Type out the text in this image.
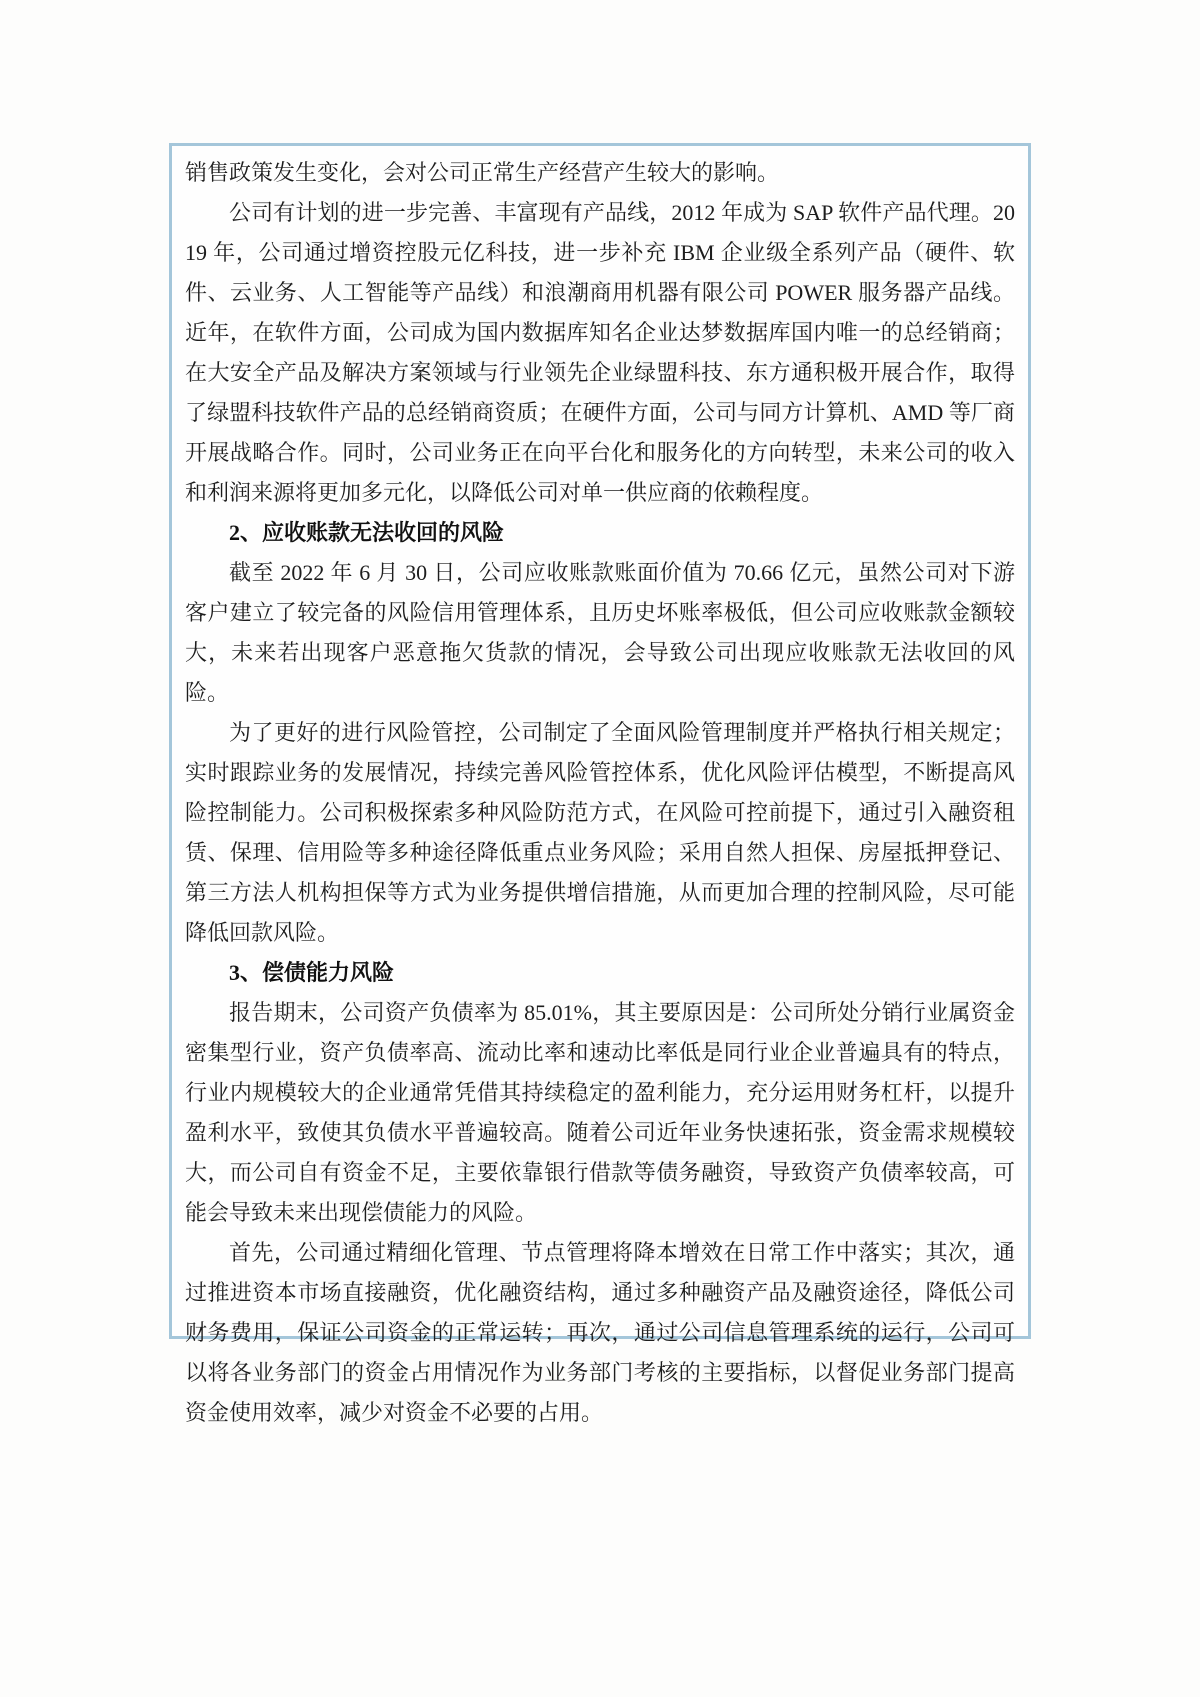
销售政策发生变化，会对公司正常生产经营产生较大的影响。

公司有计划的进一步完善、丰富现有产品线，2012 年成为 SAP 软件产品代理。2019 年，公司通过增资控股元亿科技，进一步补充 IBM 企业级全系列产品（硬件、软件、云业务、人工智能等产品线）和浪潮商用机器有限公司 POWER 服务器产品线。近年，在软件方面，公司成为国内数据库知名企业达梦数据库国内唯一的总经销商；在大安全产品及解决方案领域与行业领先企业绿盟科技、东方通积极开展合作，取得了绿盟科技软件产品的总经销商资质；在硬件方面，公司与同方计算机、AMD 等厂商开展战略合作。同时，公司业务正在向平台化和服务化的方向转型，未来公司的收入和利润来源将更加多元化，以降低公司对单一供应商的依赖程度。

2、应收账款无法收回的风险

截至 2022 年 6 月 30 日，公司应收账款账面价值为 70.66 亿元，虽然公司对下游客户建立了较完备的风险信用管理体系，且历史坏账率极低，但公司应收账款金额较大，未来若出现客户恶意拖欠货款的情况，会导致公司出现应收账款无法收回的风险。

为了更好的进行风险管控，公司制定了全面风险管理制度并严格执行相关规定；实时跟踪业务的发展情况，持续完善风险管控体系，优化风险评估模型，不断提高风险控制能力。公司积极探索多种风险防范方式，在风险可控前提下，通过引入融资租赁、保理、信用险等多种途径降低重点业务风险；采用自然人担保、房屋抵押登记、第三方法人机构担保等方式为业务提供增信措施，从而更加合理的控制风险，尽可能降低回款风险。

3、偿债能力风险

报告期末，公司资产负债率为 85.01%，其主要原因是：公司所处分销行业属资金密集型行业，资产负债率高、流动比率和速动比率低是同行业企业普遍具有的特点，行业内规模较大的企业通常凭借其持续稳定的盈利能力，充分运用财务杠杆，以提升盈利水平，致使其负债水平普遍较高。随着公司近年业务快速拓张，资金需求规模较大，而公司自有资金不足，主要依靠银行借款等债务融资，导致资产负债率较高，可能会导致未来出现偿债能力的风险。

首先，公司通过精细化管理、节点管理将降本增效在日常工作中落实；其次，通过推进资本市场直接融资，优化融资结构，通过多种融资产品及融资途径，降低公司财务费用，保证公司资金的正常运转；再次，通过公司信息管理系统的运行，公司可以将各业务部门的资金占用情况作为业务部门考核的主要指标，以督促业务部门提高资金使用效率，减少对资金不必要的占用。
